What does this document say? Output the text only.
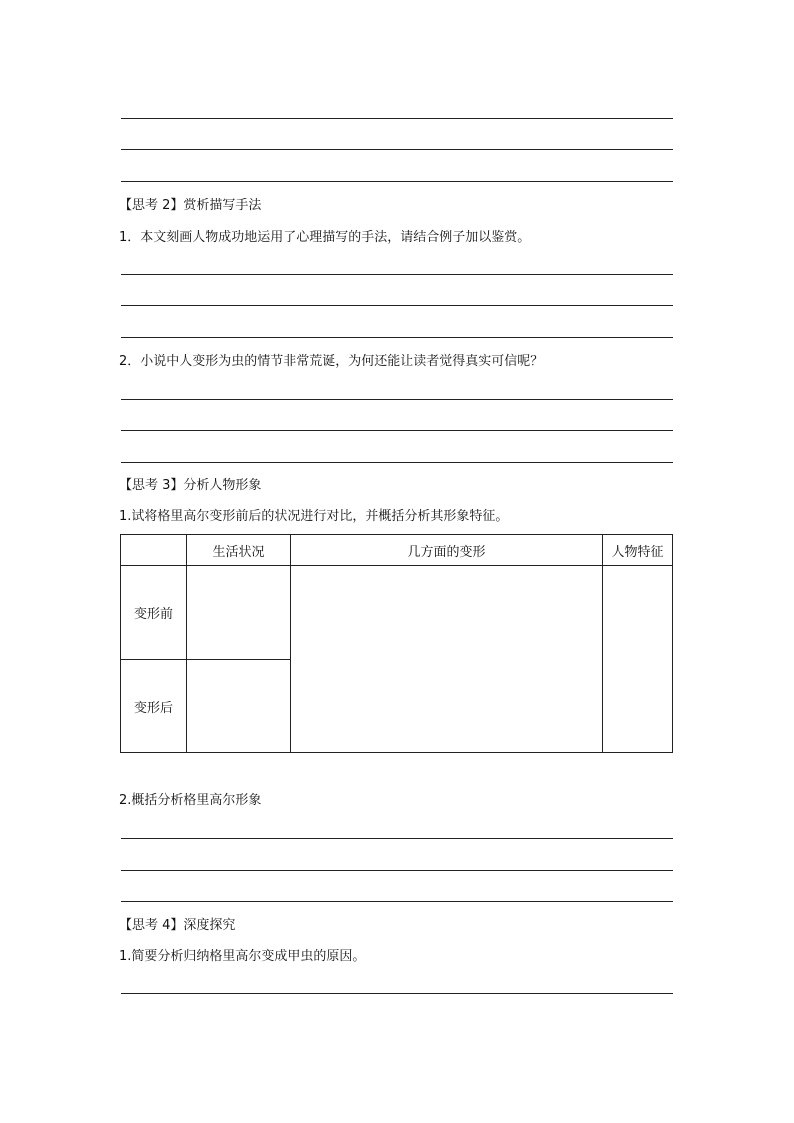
【思考 2】赏析描写手法
1．本文刻画人物成功地运用了心理描写的手法，请结合例子加以鉴赏。
2．小说中人变形为虫的情节非常荒诞，为何还能让读者觉得真实可信呢？
【思考 3】分析人物形象
1.试将格里高尔变形前后的状况进行对比，并概括分析其形象特征。
	生活状况	几方面的变形	人物特征
变形前			
变形后			
2.概括分析格里高尔形象
【思考 4】深度探究
1.简要分析归纳格里高尔变成甲虫的原因。
